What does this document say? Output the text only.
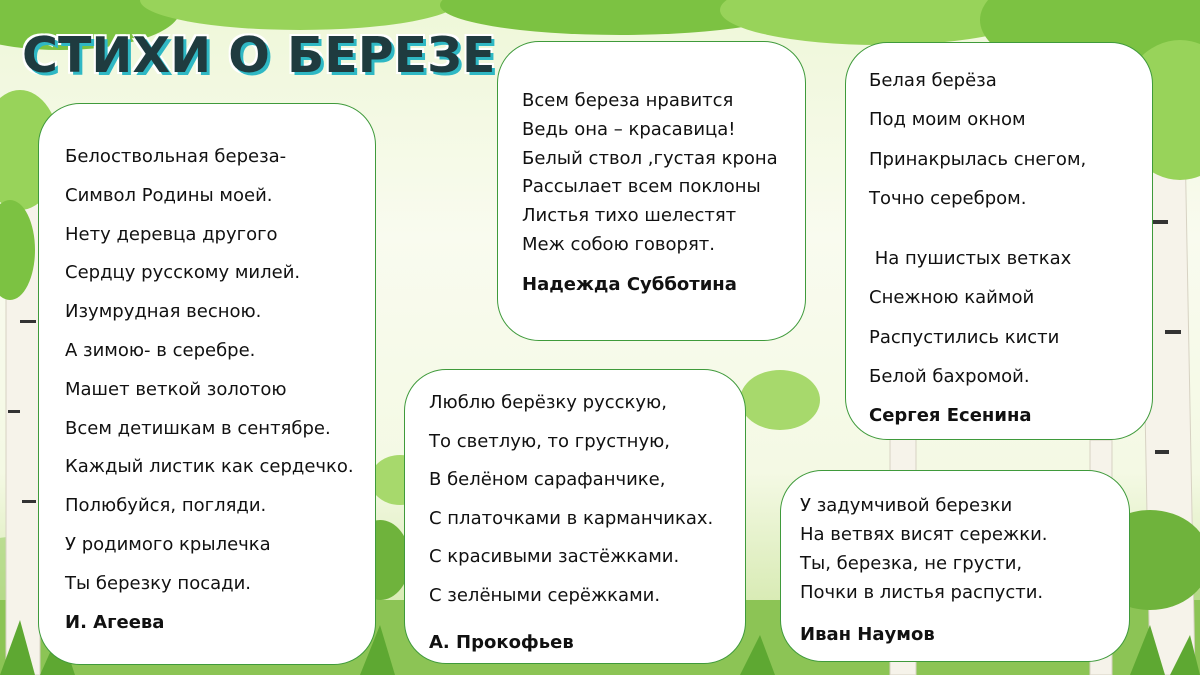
СТИХИ О БЕРЕЗЕ
Белоствольная береза-
Символ Родины моей.
Нету деревца другого
Сердцу русскому милей.
Изумрудная весною.
А зимою- в серебре.
Машет веткой золотою
Всем детишкам в сентябре.
Каждый листик как сердечко.
Полюбуйся, погляди.
У родимого крылечка
Ты березку посади.
И. Агеева
Всем береза нравится
Ведь она – красавица!
Белый ствол ,густая крона
Рассылает всем поклоны
Листья тихо шелестят
Меж собою говорят.
Надежда Субботина
Белая берёза
Под моим окном
Принакрылась снегом,
Точно серебром.
На пушистых ветках
Снежною каймой
Распустились кисти
Белой бахромой.
Сергея Есенина
Люблю берёзку русскую,
То светлую, то грустную,
В белёном сарафанчике,
С платочками в карманчиках.
С красивыми застёжками.
С зелёными серёжками.
А. Прокофьев
У задумчивой березки
На ветвях висят сережки.
Ты, березка, не грусти,
Почки в листья распусти.
Иван Наумов
